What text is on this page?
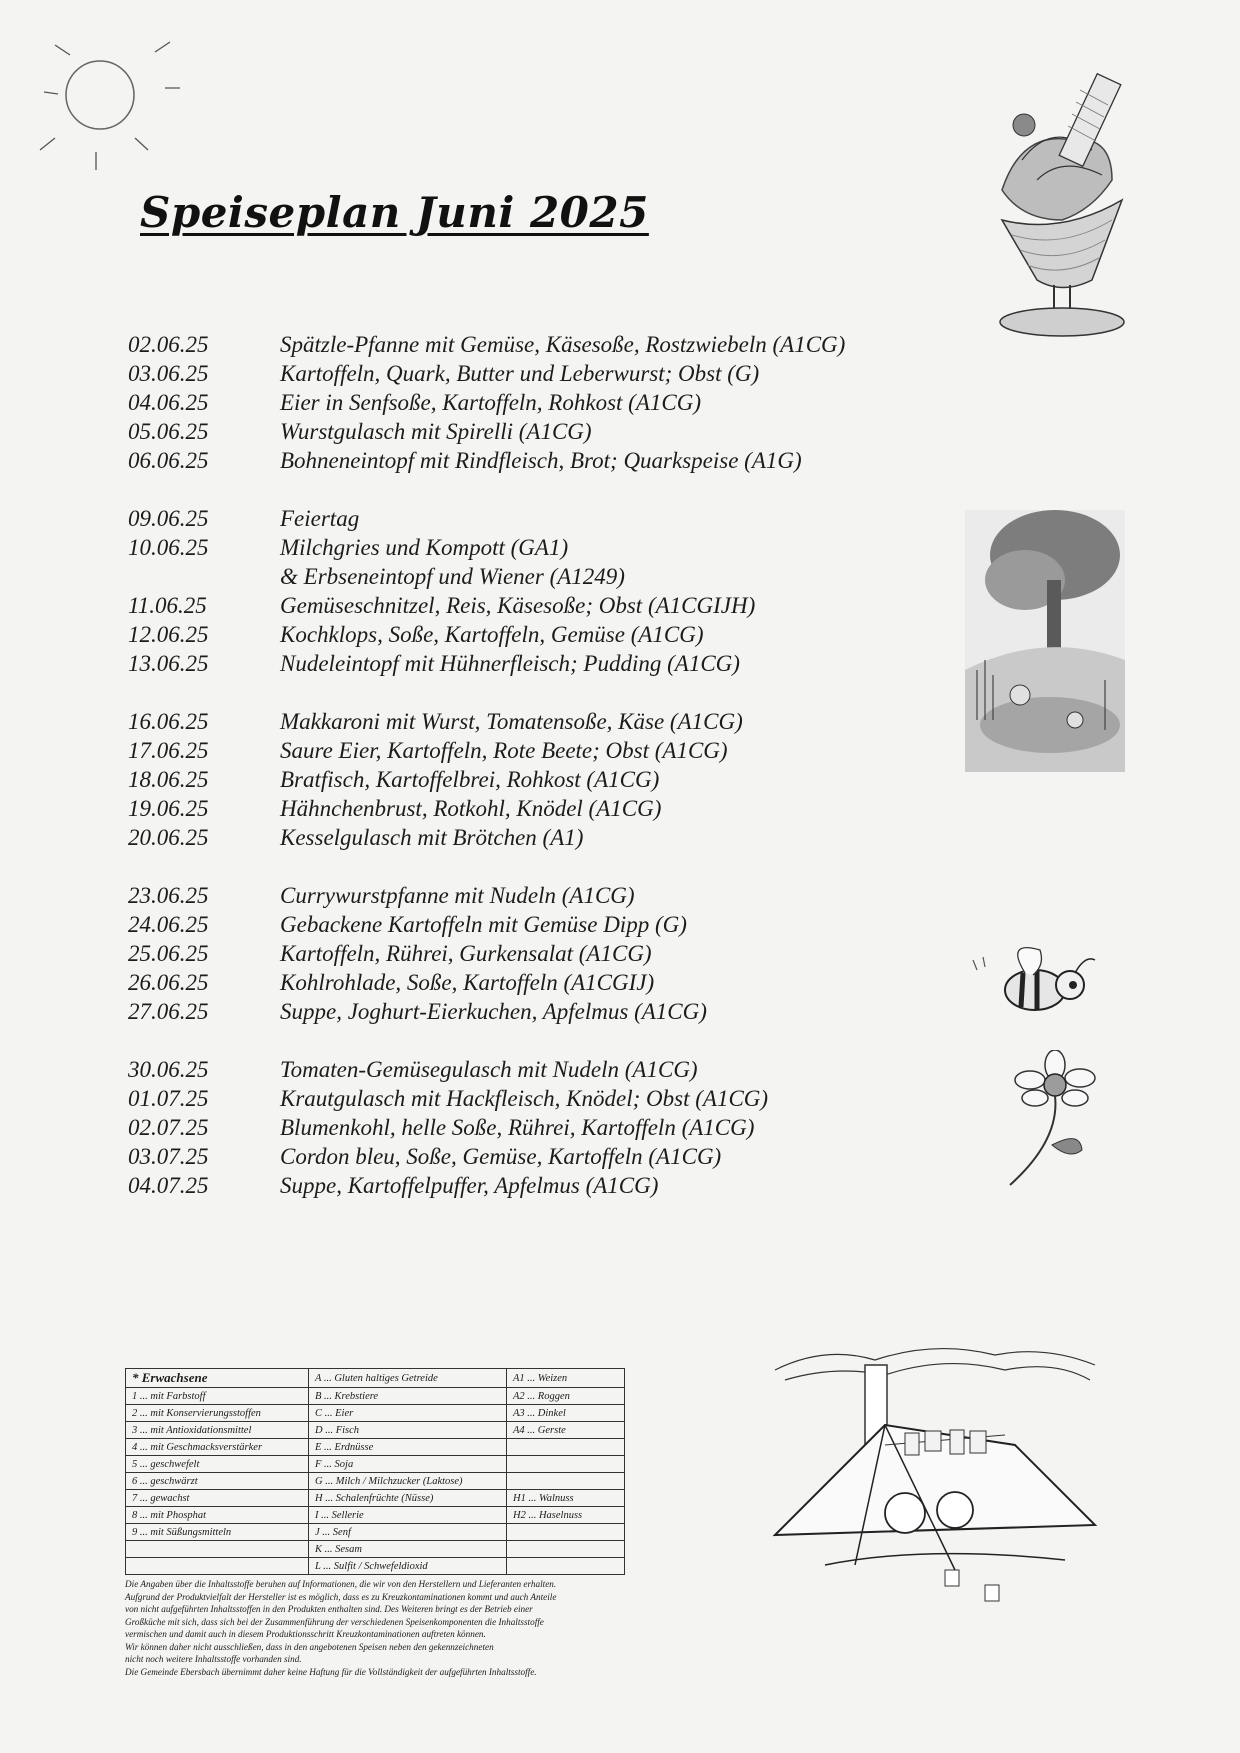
Speiseplan Juni 2025
02.06.25	Spätzle-Pfanne mit Gemüse, Käsesoße, Rostzwiebeln (A1CG)
03.06.25	Kartoffeln, Quark, Butter und Leberwurst; Obst (G)
04.06.25	Eier in Senfsoße, Kartoffeln, Rohkost (A1CG)
05.06.25	Wurstgulasch mit Spirelli (A1CG)
06.06.25	Bohneneintopf mit Rindfleisch, Brot; Quarkspeise (A1G)
09.06.25	Feiertag
10.06.25	Milchgries und Kompott (GA1)
& Erbseneintopf und Wiener (A1249)
11.06.25	Gemüseschnitzel, Reis, Käsesoße; Obst (A1CGIJH)
12.06.25	Kochklops, Soße, Kartoffeln, Gemüse (A1CG)
13.06.25	Nudeleintopf mit Hühnerfleisch; Pudding (A1CG)
16.06.25	Makkaroni mit Wurst, Tomatensoße, Käse (A1CG)
17.06.25	Saure Eier, Kartoffeln, Rote Beete; Obst (A1CG)
18.06.25	Bratfisch, Kartoffelbrei, Rohkost (A1CG)
19.06.25	Hähnchenbrust, Rotkohl, Knödel (A1CG)
20.06.25	Kesselgulasch mit Brötchen (A1)
23.06.25	Currywurstpfanne mit Nudeln (A1CG)
24.06.25	Gebackene Kartoffeln mit Gemüse Dipp (G)
25.06.25	Kartoffeln, Rührei, Gurkensalat (A1CG)
26.06.25	Kohlrohlade, Soße, Kartoffeln (A1CGIJ)
27.06.25	Suppe, Joghurt-Eierkuchen, Apfelmus (A1CG)
30.06.25	Tomaten-Gemüsegulasch mit Nudeln (A1CG)
01.07.25	Krautgulasch mit Hackfleisch, Knödel; Obst (A1CG)
02.07.25	Blumenkohl, helle Soße, Rührei, Kartoffeln (A1CG)
03.07.25	Cordon bleu, Soße, Gemüse, Kartoffeln (A1CG)
04.07.25	Suppe, Kartoffelpuffer, Apfelmus (A1CG)
* Erwachsene	A ... Gluten haltiges Getreide	A1 ... Weizen
1 ... mit Farbstoff	B ... Krebstiere	A2 ... Roggen
2 ... mit Konservierungsstoffen	C ... Eier	A3 ... Dinkel
3 ... mit Antioxidationsmittel	D ... Fisch	A4 ... Gerste
4 ... mit Geschmacksverstärker	E ... Erdnüsse	
5 ... geschwefelt	F ... Soja	
6 ... geschwärzt	G ... Milch / Milchzucker (Laktose)	
7 ... gewachst	H ... Schalenfrüchte (Nüsse)	H1 ... Walnuss
8 ... mit Phosphat	I ... Sellerie	H2 ... Haselnuss
9 ... mit Süßungsmitteln	J ... Senf	
	K ... Sesam	
	L ... Sulfit / Schwefeldioxid	
Die Angaben über die Inhaltsstoffe beruhen auf Informationen, die wir von den Herstellern und Lieferanten erhalten.
Aufgrund der Produktvielfalt der Hersteller ist es möglich, dass es zu Kreuzkontaminationen kommt und auch Anteile
von nicht aufgeführten Inhaltsstoffen in den Produkten enthalten sind. Des Weiteren bringt es der Betrieb einer
Großküche mit sich, dass sich bei der Zusammenführung der verschiedenen Speisenkomponenten die Inhaltsstoffe
vermischen und damit auch in diesem Produktionsschritt Kreuzkontaminationen auftreten können.
Wir können daher nicht ausschließen, dass in den angebotenen Speisen neben den gekennzeichneten
nicht noch weitere Inhaltsstoffe vorhanden sind.
Die Gemeinde Ebersbach übernimmt daher keine Haftung für die Vollständigkeit der aufgeführten Inhaltsstoffe.
